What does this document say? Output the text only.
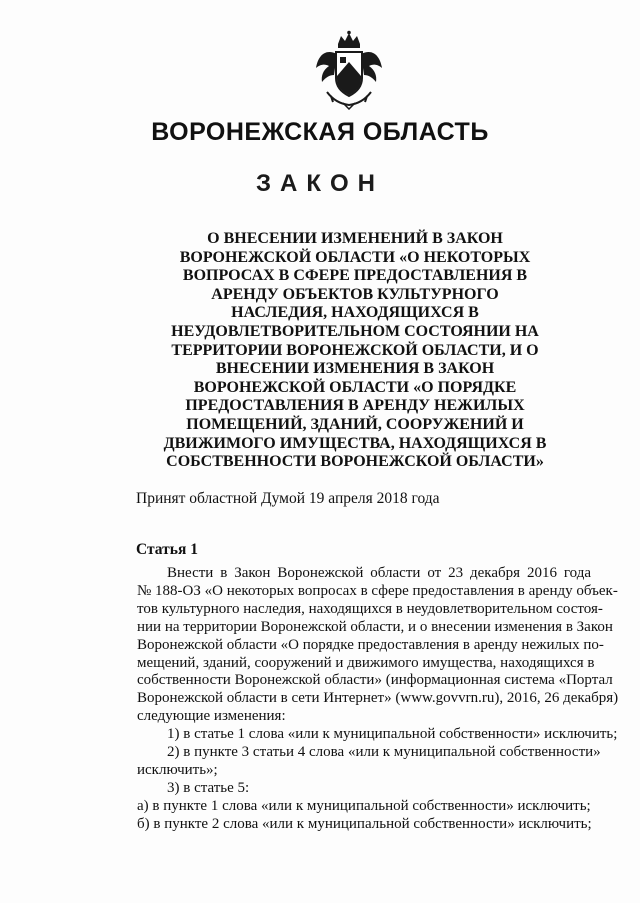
ВОРОНЕЖСКАЯ ОБЛАСТЬ
ЗАКОН
О ВНЕСЕНИИ ИЗМЕНЕНИЙ В ЗАКОН
ВОРОНЕЖСКОЙ ОБЛАСТИ «О НЕКОТОРЫХ
ВОПРОСАХ В СФЕРЕ ПРЕДОСТАВЛЕНИЯ В
АРЕНДУ ОБЪЕКТОВ КУЛЬТУРНОГО
НАСЛЕДИЯ, НАХОДЯЩИХСЯ В
НЕУДОВЛЕТВОРИТЕЛЬНОМ СОСТОЯНИИ НА
ТЕРРИТОРИИ ВОРОНЕЖСКОЙ ОБЛАСТИ, И О
ВНЕСЕНИИ ИЗМЕНЕНИЯ В ЗАКОН
ВОРОНЕЖСКОЙ ОБЛАСТИ «О ПОРЯДКЕ
ПРЕДОСТАВЛЕНИЯ В АРЕНДУ НЕЖИЛЫХ
ПОМЕЩЕНИЙ, ЗДАНИЙ, СООРУЖЕНИЙ И
ДВИЖИМОГО ИМУЩЕСТВА, НАХОДЯЩИХСЯ В
СОБСТВЕННОСТИ ВОРОНЕЖСКОЙ ОБЛАСТИ»
Принят областной Думой 19 апреля 2018 года
Статья 1
Внести в Закон Воронежской области от 23 декабря 2016 года
№ 188-ОЗ «О некоторых вопросах в сфере предоставления в аренду объек-
тов культурного наследия, находящихся в неудовлетворительном состоя-
нии на территории Воронежской области, и о внесении изменения в Закон
Воронежской области «О порядке предоставления в аренду нежилых по-
мещений, зданий, сооружений и движимого имущества, находящихся в
собственности Воронежской области» (информационная система «Портал
Воронежской области в сети Интернет» (www.govvrn.ru), 2016, 26 декабря)
следующие изменения:
1) в статье 1 слова «или к муниципальной собственности» исключить;
2) в пункте 3 статьи 4 слова «или к муниципальной собственности»
исключить»;
3) в статье 5:
а) в пункте 1 слова «или к муниципальной собственности» исключить;
б) в пункте 2 слова «или к муниципальной собственности» исключить;
